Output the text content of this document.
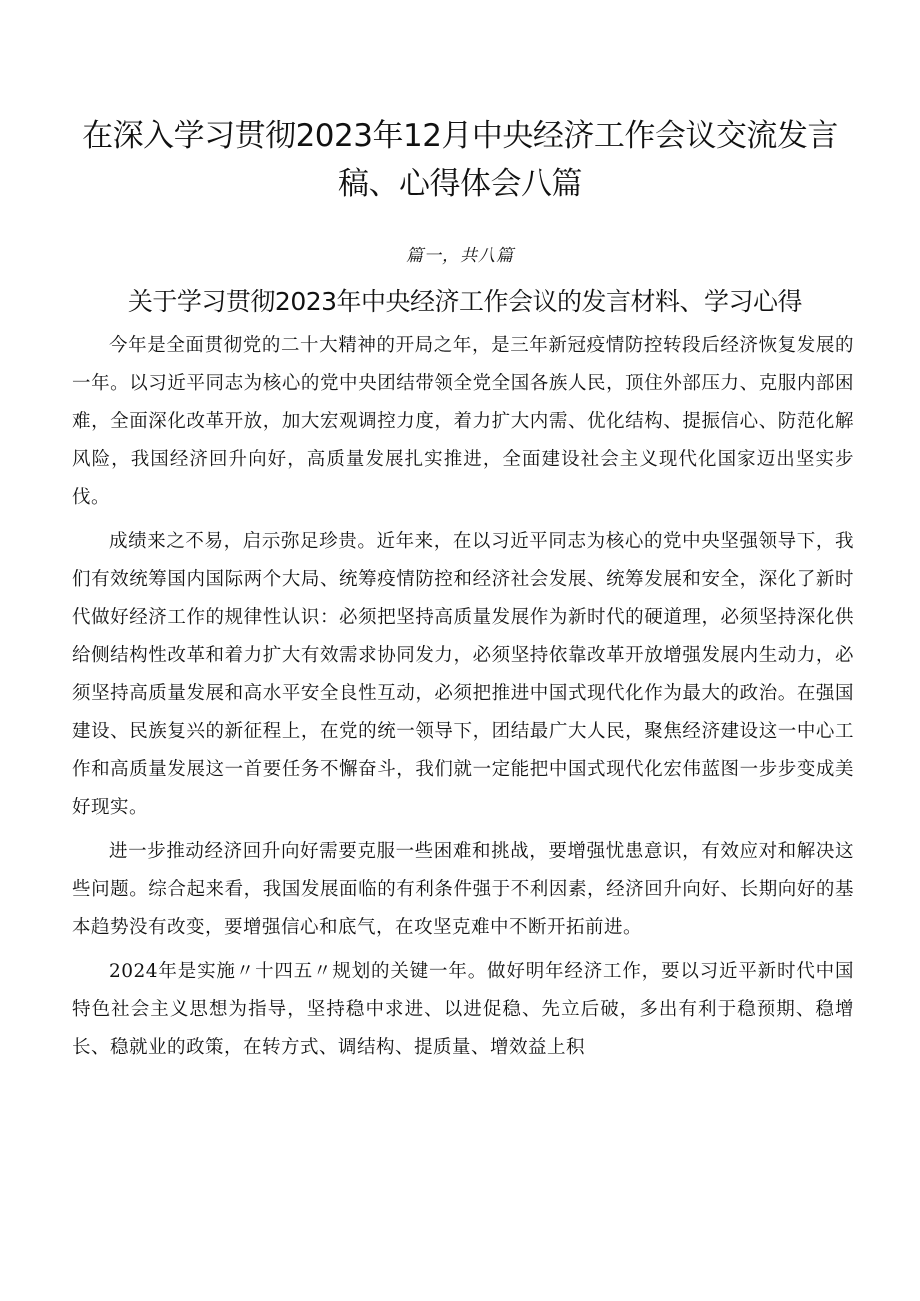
在深入学习贯彻2023年12月中央经济工作会议交流发言稿、心得体会八篇
篇一，共八篇
关于学习贯彻2023年中央经济工作会议的发言材料、学习心得

今年是全面贯彻党的二十大精神的开局之年，是三年新冠疫情防控转段后经济恢复发展的一年。以习近平同志为核心的党中央团结带领全党全国各族人民，顶住外部压力、克服内部困难，全面深化改革开放，加大宏观调控力度，着力扩大内需、优化结构、提振信心、防范化解风险，我国经济回升向好，高质量发展扎实推进，全面建设社会主义现代化国家迈出坚实步伐。

成绩来之不易，启示弥足珍贵。近年来，在以习近平同志为核心的党中央坚强领导下，我们有效统筹国内国际两个大局、统筹疫情防控和经济社会发展、统筹发展和安全，深化了新时代做好经济工作的规律性认识：必须把坚持高质量发展作为新时代的硬道理，必须坚持深化供给侧结构性改革和着力扩大有效需求协同发力，必须坚持依靠改革开放增强发展内生动力，必须坚持高质量发展和高水平安全良性互动，必须把推进中国式现代化作为最大的政治。在强国建设、民族复兴的新征程上，在党的统一领导下，团结最广大人民，聚焦经济建设这一中心工作和高质量发展这一首要任务不懈奋斗，我们就一定能把中国式现代化宏伟蓝图一步步变成美好现实。

进一步推动经济回升向好需要克服一些困难和挑战，要增强忧患意识，有效应对和解决这些问题。综合起来看，我国发展面临的有利条件强于不利因素，经济回升向好、长期向好的基本趋势没有改变，要增强信心和底气，在攻坚克难中不断开拓前进。

2024年是实施〃十四五〃规划的关键一年。做好明年经济工作，要以习近平新时代中国特色社会主义思想为指导，坚持稳中求进、以进促稳、先立后破，多出有利于稳预期、稳增长、稳就业的政策，在转方式、调结构、提质量、增效益上积
